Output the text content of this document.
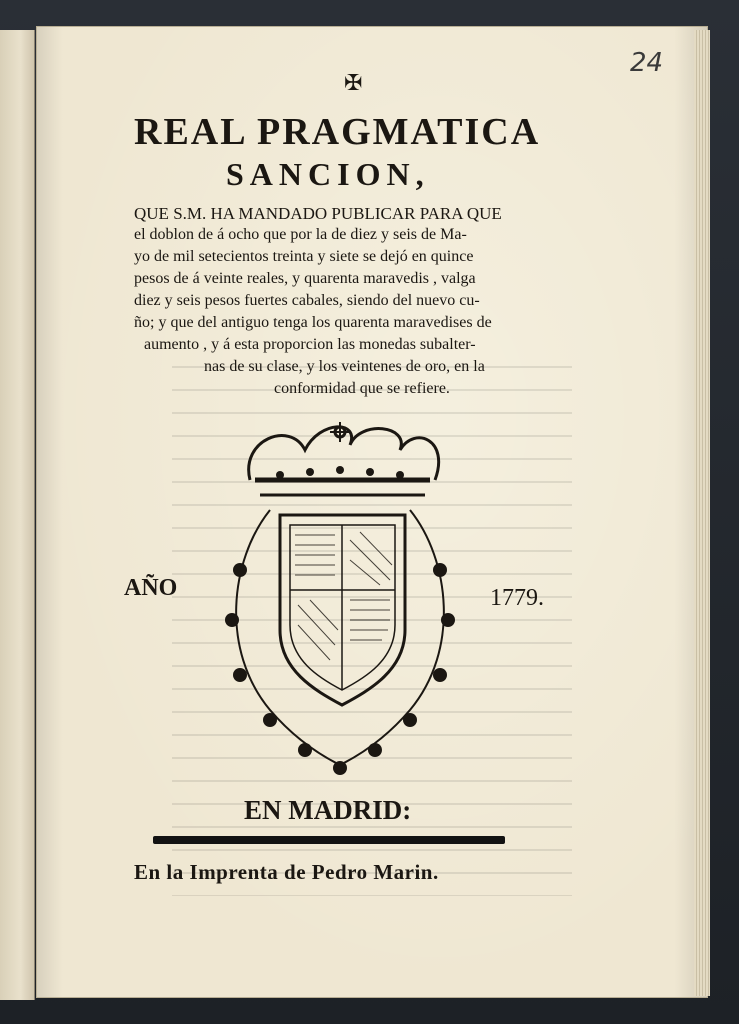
24
✠
REAL PRAGMATICA
SANCION,
QUE S.M. HA MANDADO PUBLICAR PARA QUE
el doblon de á ocho que por la de diez y seis de Ma-
yo de mil setecientos treinta y siete se dejó en quince
pesos de á veinte reales, y quarenta maravedis , valga
diez y seis pesos fuertes cabales, siendo del nuevo cu-
ño; y que del antiguo tenga los quarenta maravedises de
aumento , y á esta proporcion las monedas subalter-
nas de su clase, y los veintenes de oro, en la
conformidad que se refiere.
AÑO	1779.
EN MADRID:
En la Imprenta de Pedro Marin.
